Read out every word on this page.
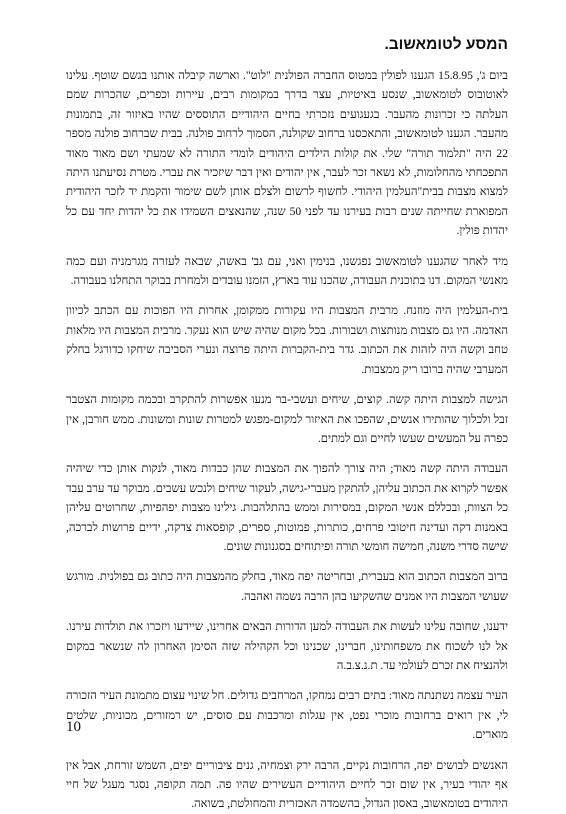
המסע לטומאשוב.

ביום ג', 15.8.95 הגענו לפולין במטוס החברה הפולנית "לוט". וארשה קיבלה אותנו בגשם שוטף. עלינו לאוטובוס לטומאשוב, שנסע באיטיות, עצר בדרך במקומות רבים, עיירות וכפרים, שהכרות שמם העלתה כי זכרונות מהעבר. בגעגועים נזכרתי בחיים היהודיים התוססים שהיו באיזור זה, בתמונות מהעבר. הגענו לטומאשוב, והתאכסנו ברחוב שקולנה, הסמוך לרחוב פולנה. בבית שברחוב פולנה מספר 22 היה "תלמוד תורה" שלי. את קולות הילדים היהודים לומדי התורה לא שמעתי ושם מאוד מאוד התפכחתי מהחלומות, לא נשאר זכר לעבר, אין יהודים ואין דבר שיזכיר את עברי. מטרת נסיעתנו היתה למצוא מצבות בבית"העלמין היהודי. לחשוף לרשום ולצלם אותן לשם שימור והקמת יד לזכר היהודית המפוארת שחייתה שנים רבות בעירנו עד לפני 50 שנה, שהנאצים השמידו את כל יהדות יחד עם כל יהדות פולין.

מיד לאחר שהגענו לטומאשוב נפגשנו, בנימין ואני, עם גב' באשה, שבאה לעזרה מגרמניה ועם כמה מאנשי המקום. דנו בתוכנית העבודה, שהכנו עוד בארץ, הזמנו עובדים ולמחרת בבוקר התחלנו בעבודה.

בית-העלמין היה מוזנח. מרבית המצבות היו עקורות ממקומן, אחרות היו הפוכות עם הכתב לכיוון האדמה. היו גם מצבות מנותצות ושבורות. בכל מקום שהיה שיש הוא נעקר. מרבית המצבות היו מלאות טחב וקשה היה לזהות את הכתוב. גדר בית-הקברות היתה פרוצה ונערי הסביבה שיחקו כדורגל בחלק המערבי שהיה ברובו ריק ממצבות.

הגישה למצבות היתה קשה. קוצים, שיחים ועשבי-בר מנעו אפשרות להתקרב ובכמה מקומות הצטבר זבל ולכלוך שהותירו אנשים, שהפכו את האיזור למקום-מפגש למטרות שונות ומשונות. ממש חורבן, אין כפרה על המעשים שעשו לחיים וגם למתים.

העבודה היתה קשה מאוד; היה צורך להפוך את המצבות שהן כבדות מאוד, לנקות אותן כדי שיהיה אפשר לקרוא את הכתוב עליהן, להתקין מעברי-גישה, לעקור שיחים ולנכש עשבים. מבוקר עד ערב עבד כל הצוות, ובכללם אנשי המקום, במסירות וממש בהתלהבות. גילינו מצבות יפהפיות, שחרוטים עליהן באמנות דקה ועדינה חיטובי פרחים, כותרות, פמוטות, ספרים, קופסאות צדקה, ידיים פרושות לברכה, שישה סדרי משנה, חמישה חומשי תורה ופיתוחים בסגנונות שונים.

ברוב המצבות הכתוב הוא בעברית, ובחריטה יפה מאוד, בחלק מהמצבות היה כתוב גם בפולנית. מורגש שעושי המצבות היו אמנים שהשקיעו בהן הרבה נשמה ואהבה.

ידענו, שחובה עלינו לעשות את העבודה למען הדורות הבאים אחרינו, שיידעו ויזכרו את תולדות עירנו. אל לנו לשכוח את משפחותינו, חברינו, שכנינו וכל הקהילה שזה הסימן האחרון לה שנשאר במקום ולהנציח את זכרם לעולמי עד. ת.נ.צ.ב.ה

העיר עצמה נשתנתה מאוד: בתים רבים נמחקו, המרחבים גדולים. חל שינוי עצום מתמונת העיר הזכורה לי, אין רואים ברחובות מוכרי נפט, אין עגלות ומרכבות עם סוסים, יש רמזורים, מכוניות, שלטים מוארים.

האנשים לבושים יפה, הרחובות נקיים, הרבה ירק וצמחיה, גנים ציבוריים יפים, השמש זורחת, אבל אין אף יהודי בעיר, אין שום זכר לחיים היהודיים העשירים שהיו פה. תמה תקופה, נסגר מעגל של חיי היהודים בטומאשוב, באסון הגדול, בהשמדה האכזרית והמחולטת, בשואה.

10
